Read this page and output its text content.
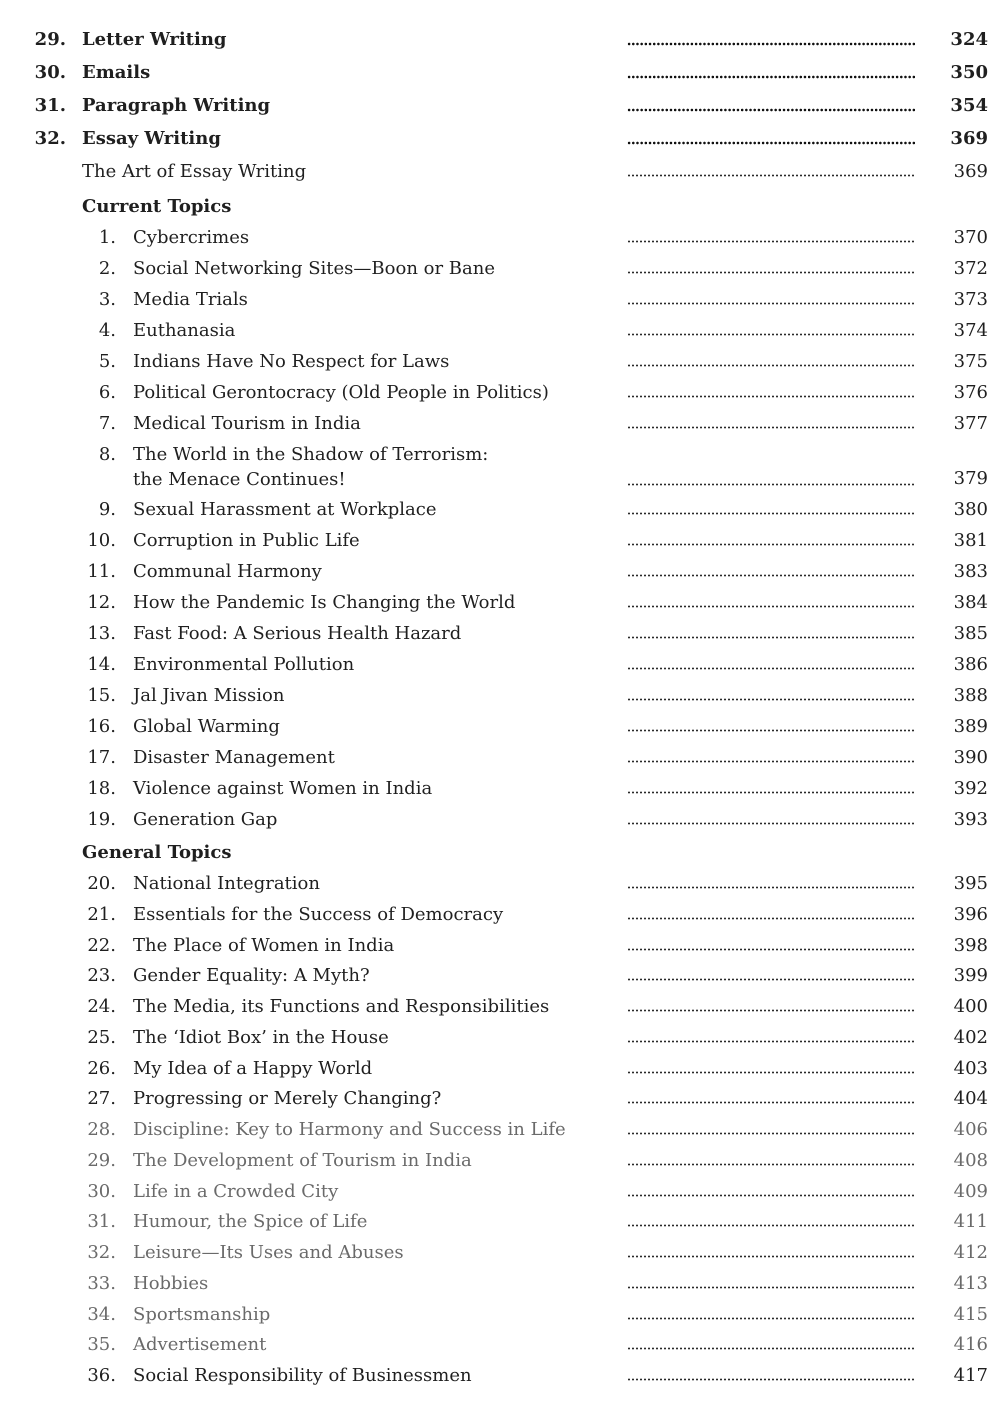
29. Letter Writing	324
30. Emails	350
31. Paragraph Writing	354
32. Essay Writing	369
The Art of Essay Writing	369
Current Topics
1. Cybercrimes	370
2. Social Networking Sites—Boon or Bane	372
3. Media Trials	373
4. Euthanasia	374
5. Indians Have No Respect for Laws	375
6. Political Gerontocracy (Old People in Politics)	376
7. Medical Tourism in India	377
8. The World in the Shadow of Terrorism:
the Menace Continues!	379
9. Sexual Harassment at Workplace	380
10. Corruption in Public Life	381
11. Communal Harmony	383
12. How the Pandemic Is Changing the World	384
13. Fast Food: A Serious Health Hazard	385
14. Environmental Pollution	386
15. Jal Jivan Mission	388
16. Global Warming	389
17. Disaster Management	390
18. Violence against Women in India	392
19. Generation Gap	393
General Topics
20. National Integration	395
21. Essentials for the Success of Democracy	396
22. The Place of Women in India	398
23. Gender Equality: A Myth?	399
24. The Media, its Functions and Responsibilities	400
25. The ‘Idiot Box’ in the House	402
26. My Idea of a Happy World	403
27. Progressing or Merely Changing?	404
28. Discipline: Key to Harmony and Success in Life	406
29. The Development of Tourism in India	408
30. Life in a Crowded City	409
31. Humour, the Spice of Life	411
32. Leisure—Its Uses and Abuses	412
33. Hobbies	413
34. Sportsmanship	415
35. Advertisement	416
36. Social Responsibility of Businessmen	417
